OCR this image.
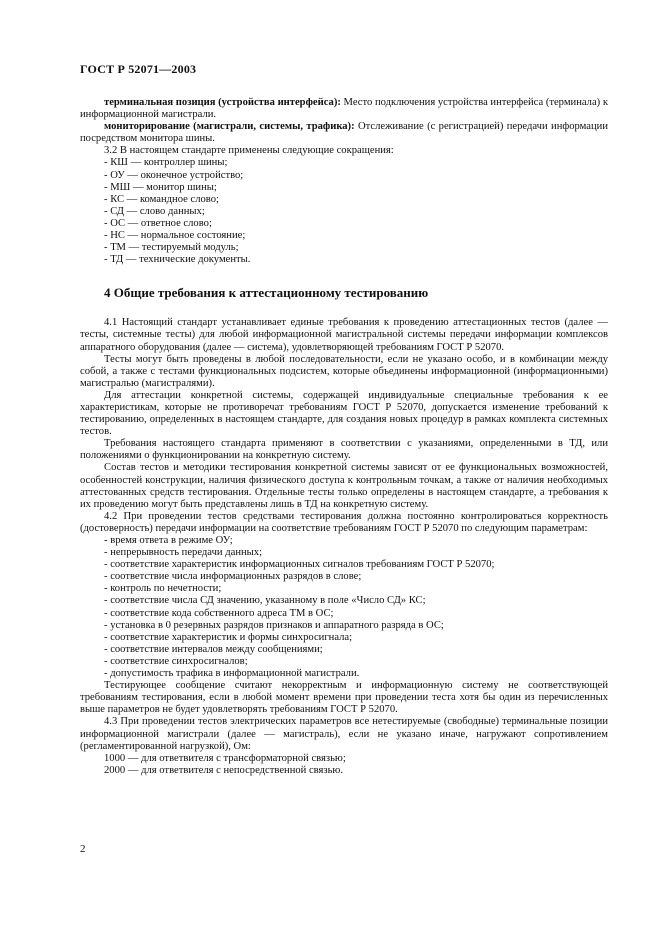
ГОСТ Р 52071—2003

терминальная позиция (устройства интерфейса): Место подключения устройства интерфейса (терминала) к информационной магистрали.

мониторирование (магистрали, системы, трафика): Отслеживание (с регистрацией) передачи информации посредством монитора шины.

3.2 В настоящем стандарте применены следующие сокращения:

- КШ — контроллер шины;
- ОУ — оконечное устройство;
- МШ — монитор шины;
- КС — командное слово;
- СД — слово данных;
- ОС — ответное слово;
- НС — нормальное состояние;
- ТМ — тестируемый модуль;
- ТД — технические документы.
4 Общие требования к аттестационному тестированию

4.1 Настоящий стандарт устанавливает единые требования к проведению аттестационных тестов (далее — тесты, системные тесты) для любой информационной магистральной системы передачи информации комплексов аппаратного оборудования (далее — система), удовлетворяющей требованиям ГОСТ Р 52070.

Тесты могут быть проведены в любой последовательности, если не указано особо, и в комбинации между собой, а также с тестами функциональных подсистем, которые объединены информационной (информационными) магистралью (магистралями).

Для аттестации конкретной системы, содержащей индивидуальные специальные требования к ее характеристикам, которые не противоречат требованиям ГОСТ Р 52070, допускается изменение требований к тестированию, определенных в настоящем стандарте, для создания новых процедур в рамках комплекта системных тестов.

Требования настоящего стандарта применяют в соответствии с указаниями, определенными в ТД, или положениями о функционировании на конкретную систему.

Состав тестов и методики тестирования конкретной системы зависят от ее функциональных возможностей, особенностей конструкции, наличия физического доступа к контрольным точкам, а также от наличия необходимых аттестованных средств тестирования. Отдельные тесты только определены в настоящем стандарте, а требования к их проведению могут быть представлены лишь в ТД на конкретную систему.

4.2 При проведении тестов средствами тестирования должна постоянно контролироваться корректность (достоверность) передачи информации на соответствие требованиям ГОСТ Р 52070 по следующим параметрам:

- время ответа в режиме ОУ;
- непрерывность передачи данных;
- соответствие характеристик информационных сигналов требованиям ГОСТ Р 52070;
- соответствие числа информационных разрядов в слове;
- контроль по нечетности;
- соответствие числа СД значению, указанному в поле «Число СД» КС;
- соответствие кода собственного адреса ТМ в ОС;
- установка в 0 резервных разрядов признаков и аппаратного разряда в ОС;
- соответствие характеристик и формы синхросигнала;
- соответствие интервалов между сообщениями;
- соответствие синхросигналов;
- допустимость трафика в информационной магистрали.

Тестирующее сообщение считают некорректным и информационную систему не соответствующей требованиям тестирования, если в любой момент времени при проведении теста хотя бы один из перечисленных выше параметров не будет удовлетворять требованиям ГОСТ Р 52070.

4.3 При проведении тестов электрических параметров все нетестируемые (свободные) терминальные позиции информационной магистрали (далее — магистраль), если не указано иначе, нагружают сопротивлением (регламентированной нагрузкой), Ом:

1000 — для ответвителя с трансформаторной связью;

2000 — для ответвителя с непосредственной связью.

2
